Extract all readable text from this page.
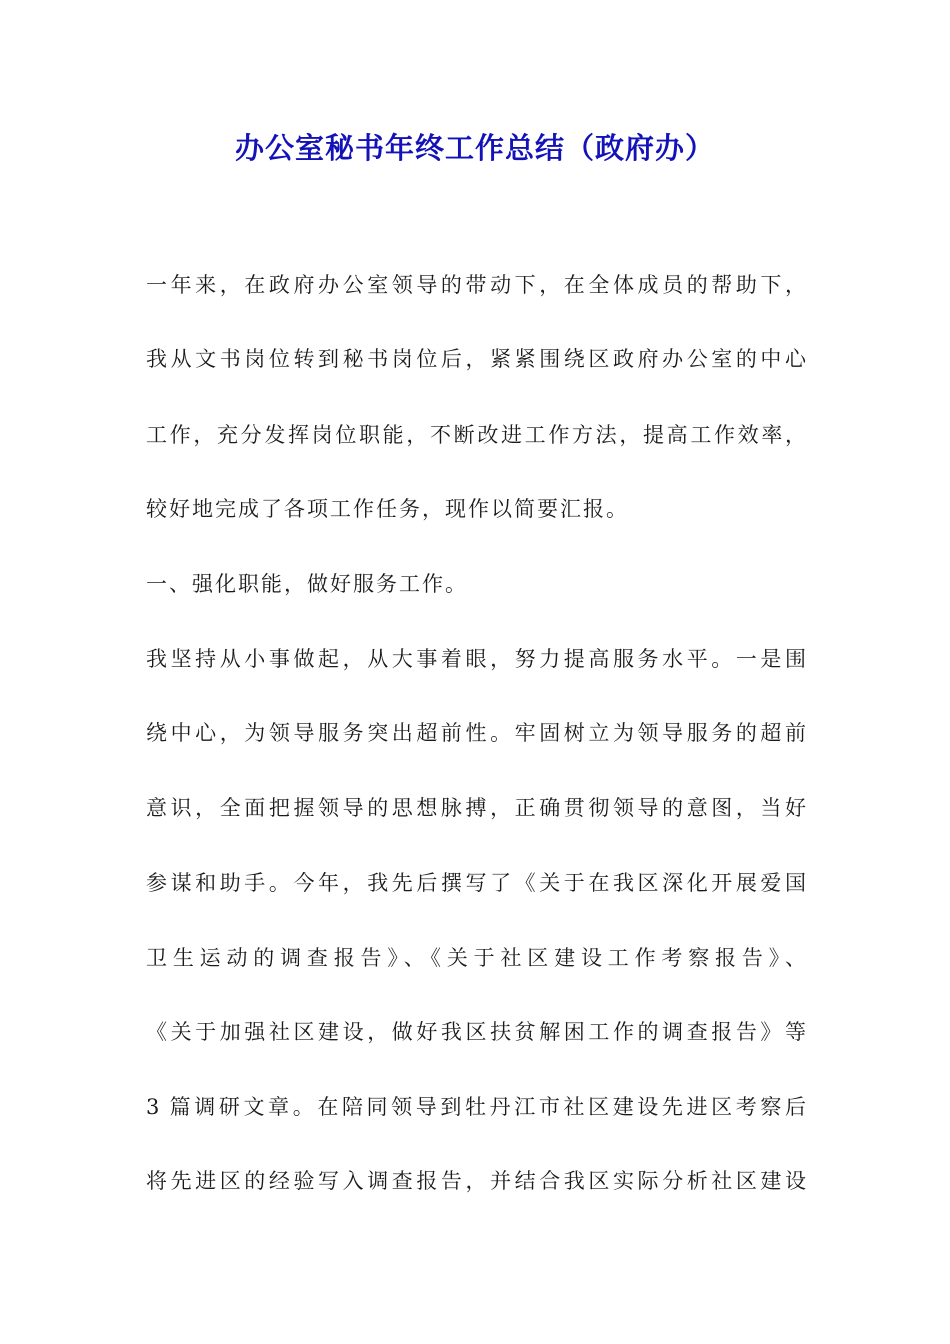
办公室秘书年终工作总结（政府办）
一年来，在政府办公室领导的带动下，在全体成员的帮助下，
我从文书岗位转到秘书岗位后，紧紧围绕区政府办公室的中心
工作，充分发挥岗位职能，不断改进工作方法，提高工作效率，
较好地完成了各项工作任务，现作以简要汇报。
一、强化职能，做好服务工作。
我坚持从小事做起，从大事着眼，努力提高服务水平。一是围
绕中心，为领导服务突出超前性。牢固树立为领导服务的超前
意识，全面把握领导的思想脉搏，正确贯彻领导的意图，当好
参谋和助手。今年，我先后撰写了《关于在我区深化开展爱国
卫生运动的调查报告》、《关于社区建设工作考察报告》、
《关于加强社区建设，做好我区扶贫解困工作的调查报告》等
3 篇调研文章。在陪同领导到牡丹江市社区建设先进区考察后
将先进区的经验写入调查报告，并结合我区实际分析社区建设
